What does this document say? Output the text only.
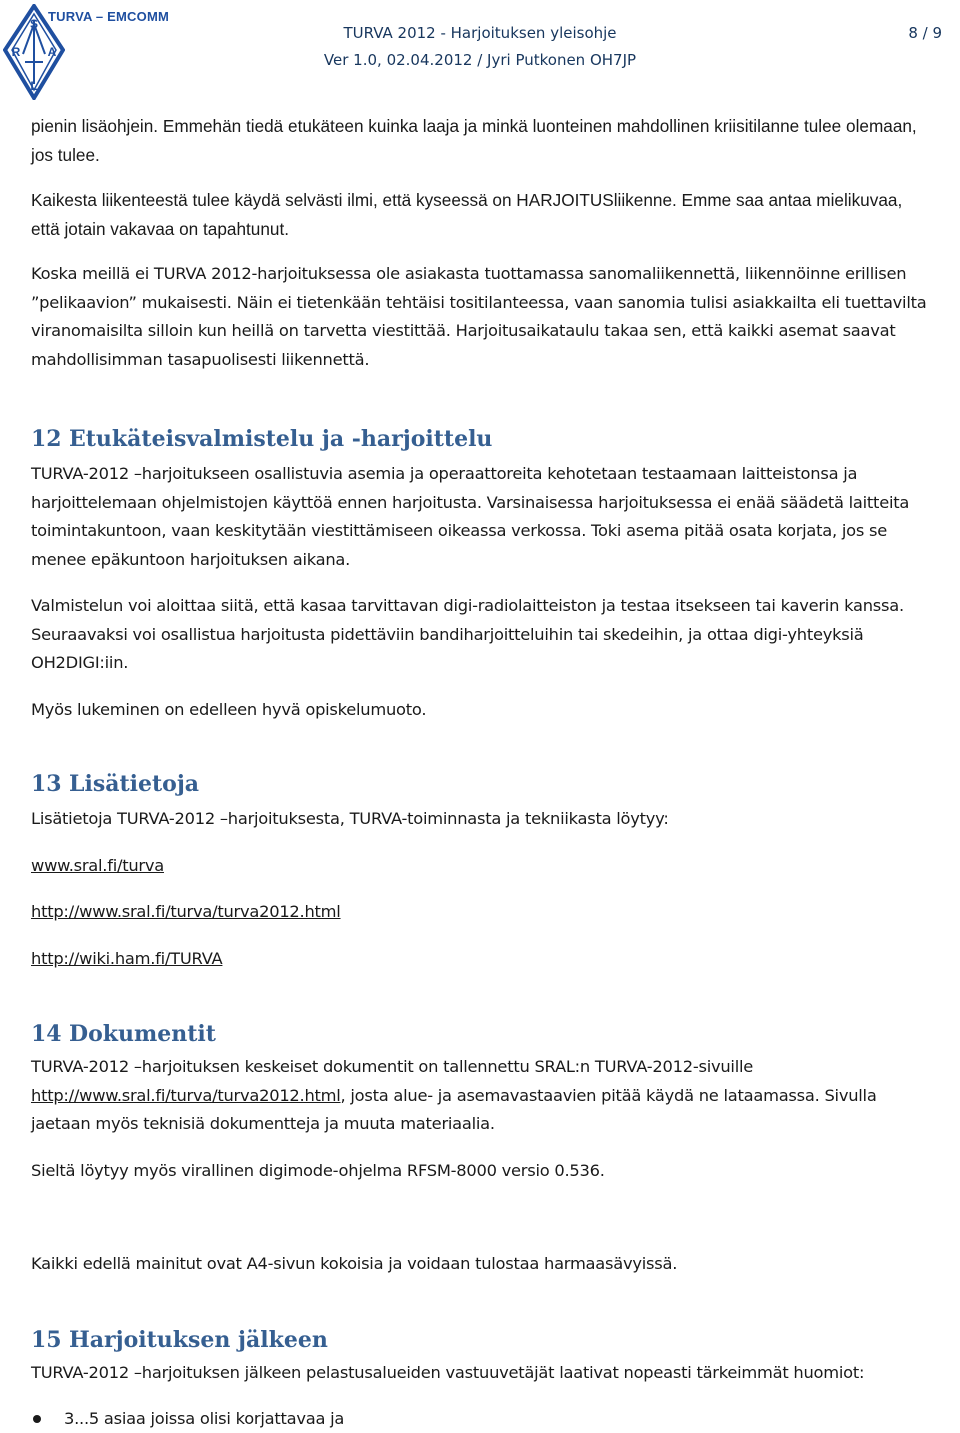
S
R A
L
TURVA – EMCOMM
TURVA 2012 - Harjoituksen yleisohje
Ver 1.0, 02.04.2012 / Jyri Putkonen OH7JP
8 / 9

pienin lisäohjein. Emmehän tiedä etukäteen kuinka laaja ja minkä luonteinen mahdollinen kriisitilanne tulee olemaan, jos tulee.

Kaikesta liikenteestä tulee käydä selvästi ilmi, että kyseessä on HARJOITUSliikenne. Emme saa antaa mielikuvaa, että jotain vakavaa on tapahtunut.

Koska meillä ei TURVA 2012-harjoituksessa ole asiakasta tuottamassa sanomaliikennettä, liikennöinne erillisen ”pelikaavion” mukaisesti. Näin ei tietenkään tehtäisi tositilanteessa, vaan sanomia tulisi asiakkailta eli tuettavilta viranomaisilta silloin kun heillä on tarvetta viestittää. Harjoitusaikataulu takaa sen, että kaikki asemat saavat mahdollisimman tasapuolisesti liikennettä.

12 Etukäteisvalmistelu ja -harjoittelu

TURVA-2012 –harjoitukseen osallistuvia asemia ja operaattoreita kehotetaan testaamaan laitteistonsa ja harjoittelemaan ohjelmistojen käyttöä ennen harjoitusta. Varsinaisessa harjoituksessa ei enää säädetä laitteita toimintakuntoon, vaan keskitytään viestittämiseen oikeassa verkossa. Toki asema pitää osata korjata, jos se menee epäkuntoon harjoituksen aikana.

Valmistelun voi aloittaa siitä, että kasaa tarvittavan digi-radiolaitteiston ja testaa itsekseen tai kaverin kanssa. Seuraavaksi voi osallistua harjoitusta pidettäviin bandiharjoitteluihin tai skedeihin, ja ottaa digi-yhteyksiä OH2DIGI:iin.

Myös lukeminen on edelleen hyvä opiskelumuoto.

13 Lisätietoja

Lisätietoja TURVA-2012 –harjoituksesta, TURVA-toiminnasta ja tekniikasta löytyy:

www.sral.fi/turva

http://www.sral.fi/turva/turva2012.html

http://wiki.ham.fi/TURVA

14 Dokumentit

TURVA-2012 –harjoituksen keskeiset dokumentit on tallennettu SRAL:n TURVA-2012-sivuille
http://www.sral.fi/turva/turva2012.html, josta alue- ja asemavastaavien pitää käydä ne lataamassa. Sivulla jaetaan myös teknisiä dokumentteja ja muuta materiaalia.

Sieltä löytyy myös virallinen digimode-ohjelma RFSM-8000 versio 0.536.

Kaikki edellä mainitut ovat A4-sivun kokoisia ja voidaan tulostaa harmaasävyissä.

15 Harjoituksen jälkeen

TURVA-2012 –harjoituksen jälkeen pelastusalueiden vastuuvetäjät laativat nopeasti tärkeimmät huomiot:

3...5 asiaa joissa olisi korjattavaa ja
